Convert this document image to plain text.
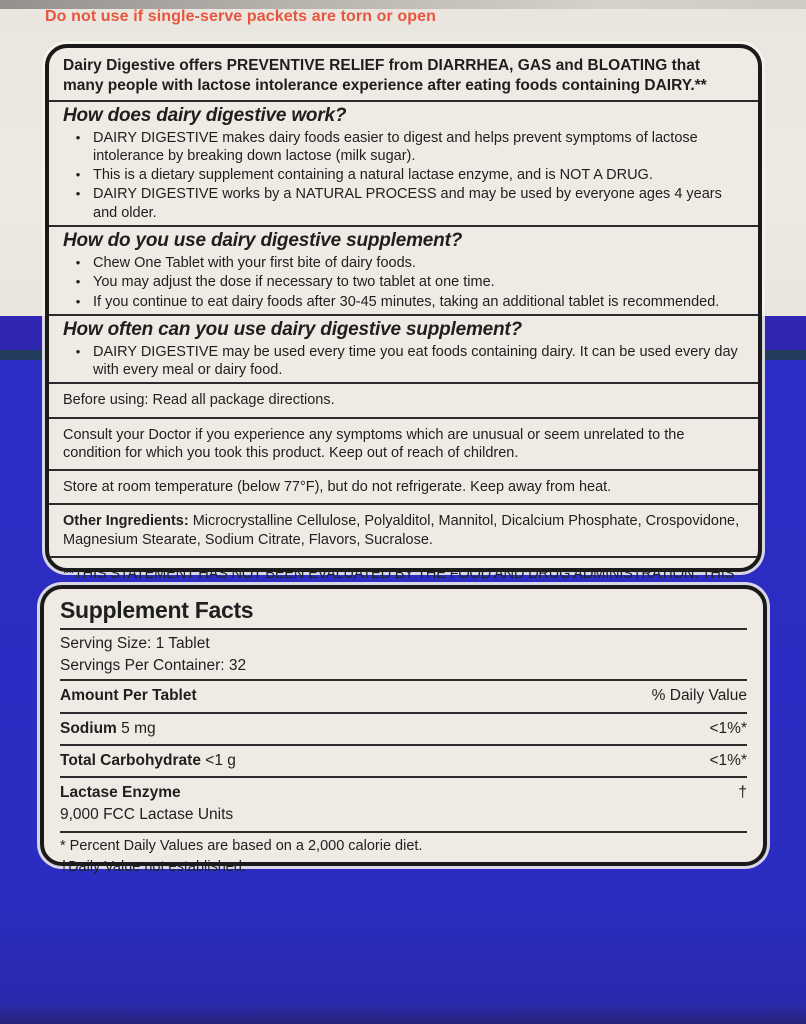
Do not use if single-serve packets are torn or open

Dairy Digestive offers PREVENTIVE RELIEF from DIARRHEA, GAS and BLOATING that many people with lactose intolerance experience after eating foods containing DAIRY.**

How does dairy digestive work?
• DAIRY DIGESTIVE makes dairy foods easier to digest and helps prevent symptoms of lactose intolerance by breaking down lactose (milk sugar).
• This is a dietary supplement containing a natural lactase enzyme, and is NOT A DRUG.
• DAIRY DIGESTIVE works by a NATURAL PROCESS and may be used by everyone ages 4 years and older.
How do you use dairy digestive supplement?
• Chew One Tablet with your first bite of dairy foods.
• You may adjust the dose if necessary to two tablet at one time.
• If you continue to eat dairy foods after 30-45 minutes, taking an additional tablet is recommended.
How often can you use dairy digestive supplement?
• DAIRY DIGESTIVE may be used every time you eat foods containing dairy. It can be used every day with every meal or dairy food.

Before using: Read all package directions.

Consult your Doctor if you experience any symptoms which are unusual or seem unrelated to the condition for which you took this product. Keep out of reach of children.

Store at room temperature (below 77°F), but do not refrigerate. Keep away from heat.

Other Ingredients: Microcrystalline Cellulose, Polyalditol, Mannitol, Dicalcium Phosphate, Crospovidone, Magnesium Stearate, Sodium Citrate, Flavors, Sucralose.

**THIS STATEMENT HAS NOT BEEN EVALUATED BY THE FOOD AND DRUG ADMINISTRATION. THIS

Supplement Facts
Serving Size: 1 Tablet
Servings Per Container: 32
Amount Per Tablet	% Daily Value
Sodium 5 mg	<1%*
Total Carbohydrate <1 g	<1%*
Lactase Enzyme	†
9,000 FCC Lactase Units

* Percent Daily Values are based on a 2,000 calorie diet.

†Daily Value not established.
